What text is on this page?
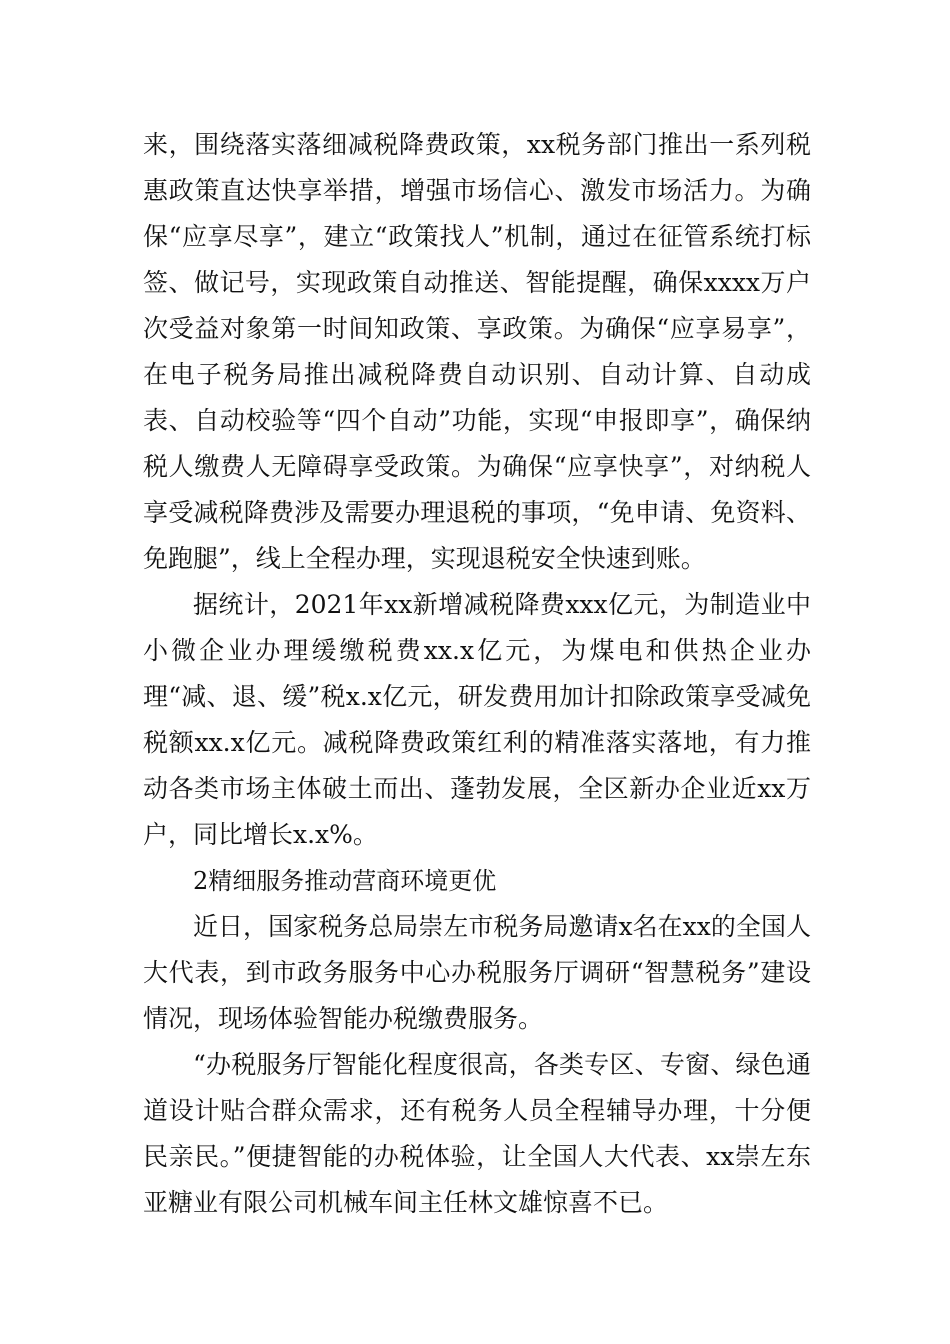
来，围绕落实落细减税降费政策，xx税务部门推出一系列税惠政策直达快享举措，增强市场信心、激发市场活力。为确保“应享尽享”，建立“政策找人”机制，通过在征管系统打标签、做记号，实现政策自动推送、智能提醒，确保xxxx万户次受益对象第一时间知政策、享政策。为确保“应享易享”，在电子税务局推出减税降费自动识别、自动计算、自动成表、自动校验等“四个自动”功能，实现“申报即享”，确保纳税人缴费人无障碍享受政策。为确保“应享快享”，对纳税人享受减税降费涉及需要办理退税的事项，“免申请、免资料、免跑腿”，线上全程办理，实现退税安全快速到账。

据统计，2021年xx新增减税降费xxx亿元，为制造业中小微企业办理缓缴税费xx.x亿元，为煤电和供热企业办理“减、退、缓”税x.x亿元，研发费用加计扣除政策享受减免税额xx.x亿元。减税降费政策红利的精准落实落地，有力推动各类市场主体破土而出、蓬勃发展，全区新办企业近xx万户，同比增长x.x%。

2精细服务推动营商环境更优

近日，国家税务总局崇左市税务局邀请x名在xx的全国人大代表，到市政务服务中心办税服务厅调研“智慧税务”建设情况，现场体验智能办税缴费服务。

“办税服务厅智能化程度很高，各类专区、专窗、绿色通道设计贴合群众需求，还有税务人员全程辅导办理，十分便民亲民。”便捷智能的办税体验，让全国人大代表、xx崇左东亚糖业有限公司机械车间主任林文雄惊喜不已。
